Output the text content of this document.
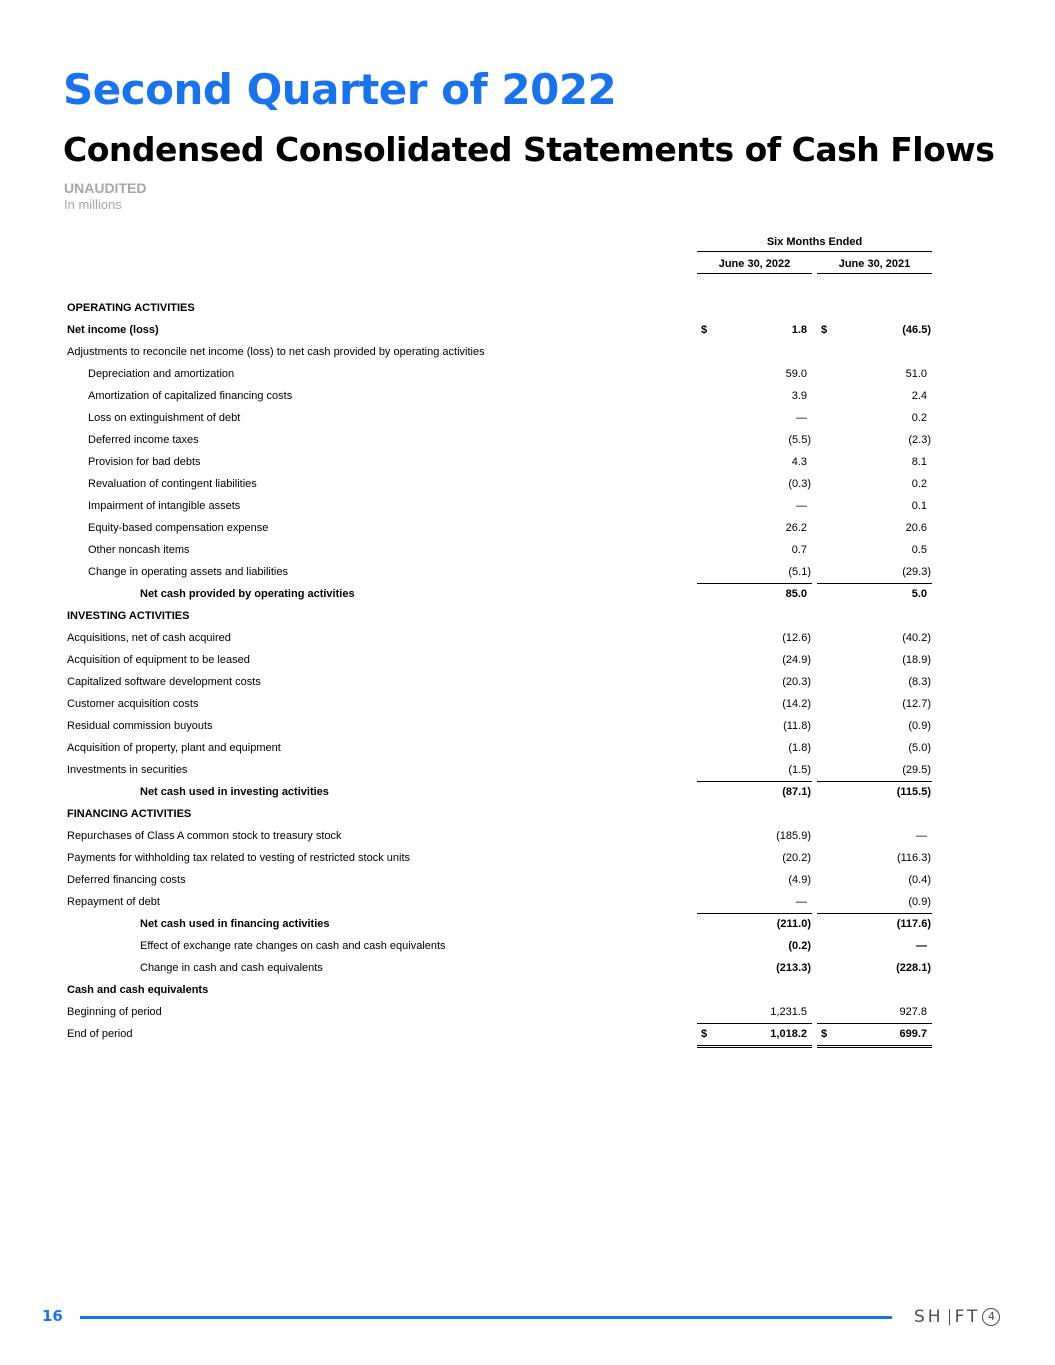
Second Quarter of 2022
Condensed Consolidated Statements of Cash Flows
UNAUDITED
In millions
Six Months Ended
June 30, 2022	June 30, 2021
OPERATING ACTIVITIES
Net income (loss)	$	1.8 $	(46.5)
Adjustments to reconcile net income (loss) to net cash provided by operating activities
Depreciation and amortization	59.0	51.0
Amortization of capitalized financing costs	3.9	2.4
Loss on extinguishment of debt	—	0.2
Deferred income taxes	(5.5)	(2.3)
Provision for bad debts	4.3	8.1
Revaluation of contingent liabilities	(0.3)	0.2
Impairment of intangible assets	—	0.1
Equity-based compensation expense	26.2	20.6
Other noncash items	0.7	0.5
Change in operating assets and liabilities	(5.1)	(29.3)
Net cash provided by operating activities	85.0	5.0
INVESTING ACTIVITIES
Acquisitions, net of cash acquired	(12.6)	(40.2)
Acquisition of equipment to be leased	(24.9)	(18.9)
Capitalized software development costs	(20.3)	(8.3)
Customer acquisition costs	(14.2)	(12.7)
Residual commission buyouts	(11.8)	(0.9)
Acquisition of property, plant and equipment	(1.8)	(5.0)
Investments in securities	(1.5)	(29.5)
Net cash used in investing activities	(87.1)	(115.5)
FINANCING ACTIVITIES
Repurchases of Class A common stock to treasury stock	(185.9)	—
Payments for withholding tax related to vesting of restricted stock units	(20.2)	(116.3)
Deferred financing costs	(4.9)	(0.4)
Repayment of debt	—	(0.9)
Net cash used in financing activities	(211.0)	(117.6)
Effect of exchange rate changes on cash and cash equivalents	(0.2)	—
Change in cash and cash equivalents	(213.3)	(228.1)
Cash and cash equivalents
Beginning of period	1,231.5	927.8
End of period	$	1,018.2 $	699.7
16	SH FT 4
